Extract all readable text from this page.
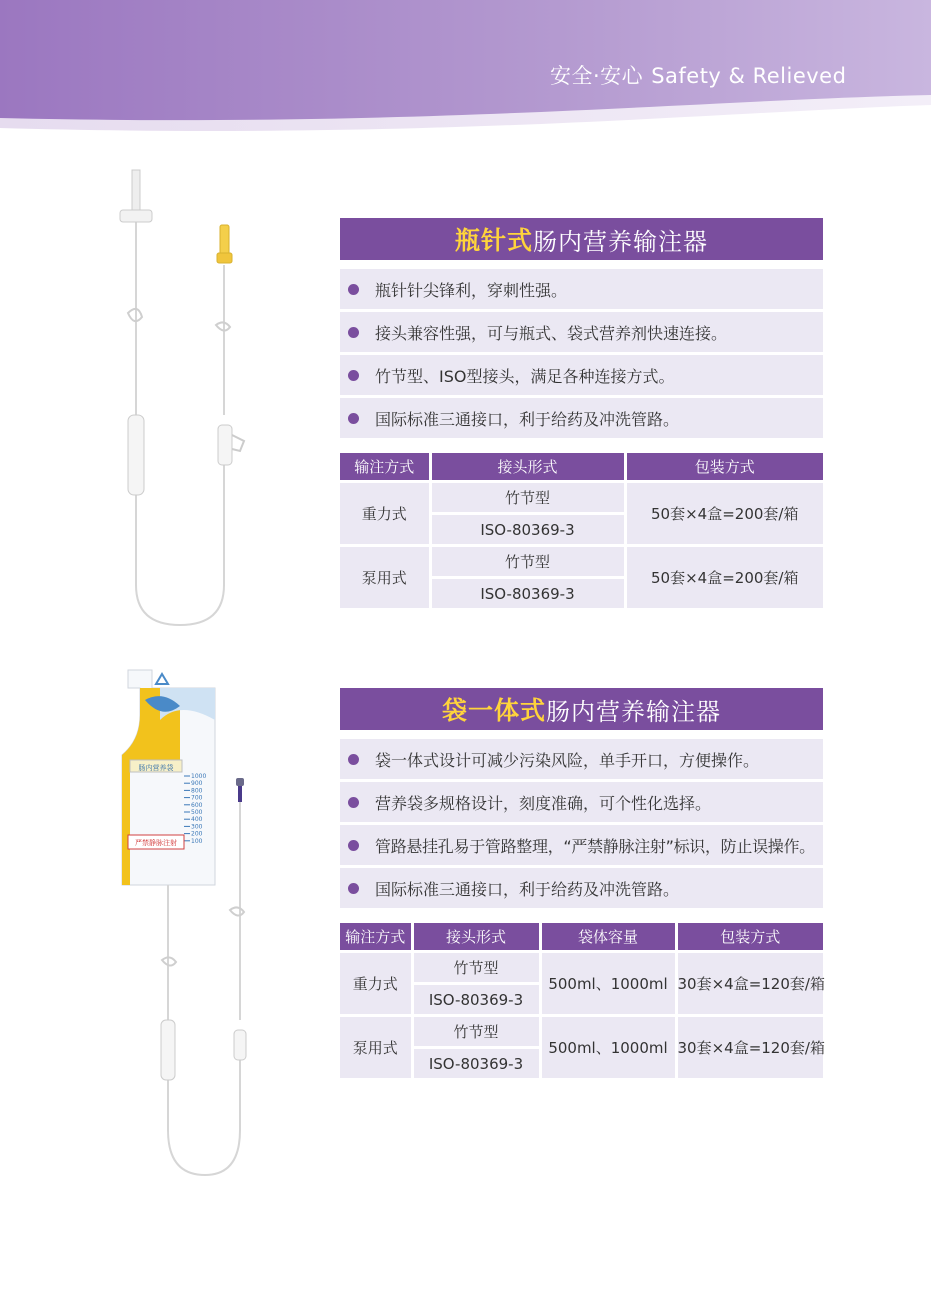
安全·安心 Safety & Relieved
肠内营养袋
1000
900
800
700
600
500
400
300
200
100
严禁静脉注射
瓶针式 肠内营养输注器
瓶针针尖锋利，穿刺性强。
接头兼容性强，可与瓶式、袋式营养剂快速连接。
竹节型、ISO型接头，满足各种连接方式。
国际标准三通接口，利于给药及冲洗管路。
输注方式	接头形式	包装方式
重力式	竹节型	50套×4盒=200套/箱
	ISO-80369-3	
泵用式	竹节型	50套×4盒=200套/箱
	ISO-80369-3	
袋一体式 肠内营养输注器
袋一体式设计可减少污染风险，单手开口，方便操作。
营养袋多规格设计，刻度准确，可个性化选择。
管路悬挂孔易于管路整理，“严禁静脉注射”标识，防止误操作。
国际标准三通接口，利于给药及冲洗管路。
输注方式	接头形式	袋体容量	包装方式
重力式	竹节型	500ml、1000ml	30套×4盒=120套/箱
	ISO-80369-3		
泵用式	竹节型	500ml、1000ml	30套×4盒=120套/箱
	ISO-80369-3		
